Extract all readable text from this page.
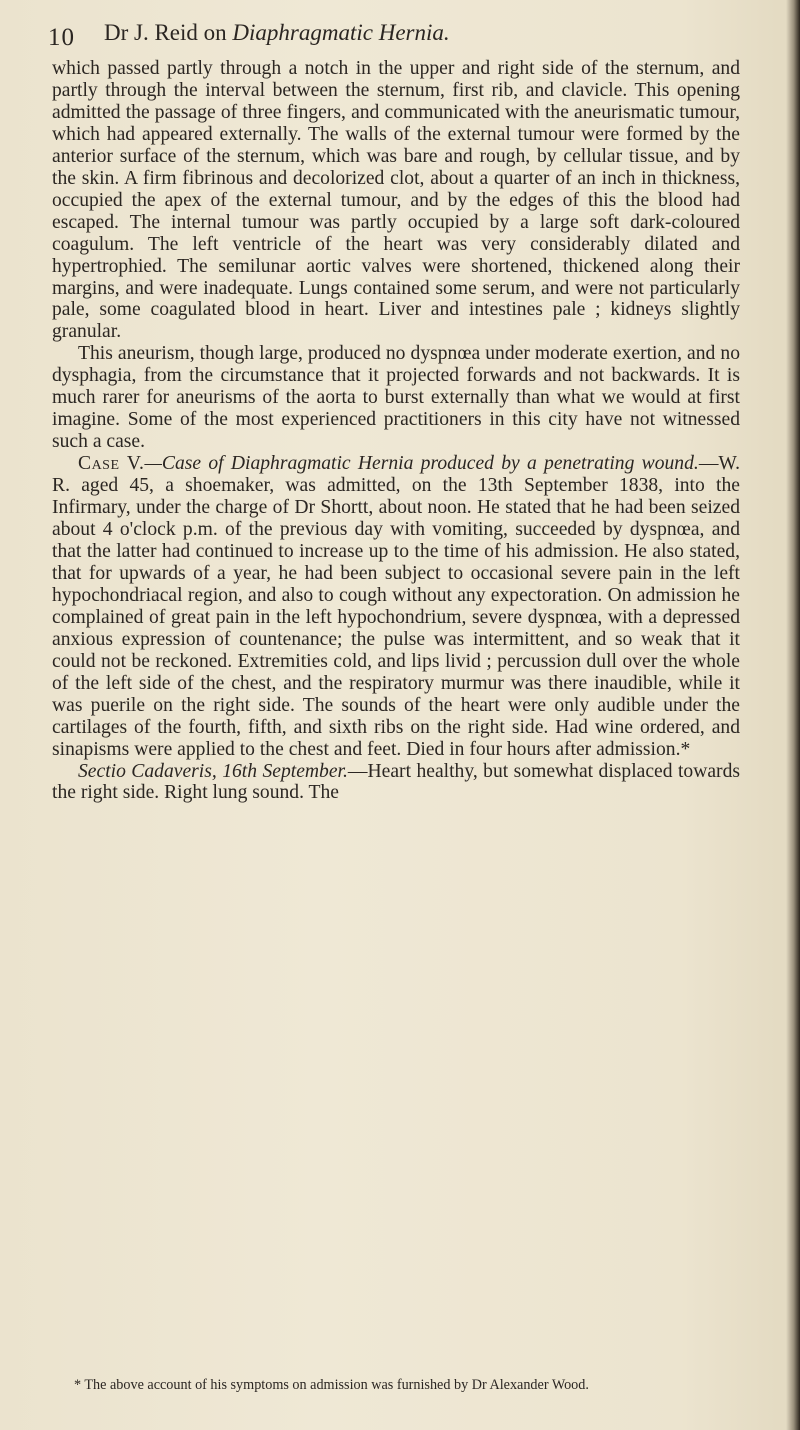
10 Dr J. Reid on Diaphragmatic Hernia.

which passed partly through a notch in the upper and right side of the sternum, and partly through the interval between the sternum, first rib, and clavicle. This opening admitted the passage of three fingers, and communicated with the aneurismatic tumour, which had appeared externally. The walls of the external tumour were formed by the anterior surface of the sternum, which was bare and rough, by cellular tissue, and by the skin. A firm fibrinous and decolorized clot, about a quarter of an inch in thickness, occupied the apex of the external tumour, and by the edges of this the blood had escaped. The internal tumour was partly occupied by a large soft dark-coloured coagulum. The left ventricle of the heart was very considerably dilated and hypertrophied. The semilunar aortic valves were shortened, thickened along their margins, and were inadequate. Lungs contained some serum, and were not particularly pale, some coagulated blood in heart. Liver and intestines pale ; kidneys slightly granular.

This aneurism, though large, produced no dyspnœa under moderate exertion, and no dysphagia, from the circumstance that it projected forwards and not backwards. It is much rarer for aneurisms of the aorta to burst externally than what we would at first imagine. Some of the most experienced practitioners in this city have not witnessed such a case.

Case V.—Case of Diaphragmatic Hernia produced by a penetrating wound.—W. R. aged 45, a shoemaker, was admitted, on the 13th September 1838, into the Infirmary, under the charge of Dr Shortt, about noon. He stated that he had been seized about 4 o'clock p.m. of the previous day with vomiting, succeeded by dyspnœa, and that the latter had continued to increase up to the time of his admission. He also stated, that for upwards of a year, he had been subject to occasional severe pain in the left hypochondriacal region, and also to cough without any expectoration. On admission he complained of great pain in the left hypochondrium, severe dyspnœa, with a depressed anxious expression of countenance; the pulse was intermittent, and so weak that it could not be reckoned. Extremities cold, and lips livid ; percussion dull over the whole of the left side of the chest, and the respiratory murmur was there inaudible, while it was puerile on the right side. The sounds of the heart were only audible under the cartilages of the fourth, fifth, and sixth ribs on the right side. Had wine ordered, and sinapisms were applied to the chest and feet. Died in four hours after admission.*

Sectio Cadaveris, 16th September.—Heart healthy, but somewhat displaced towards the right side. Right lung sound. The

* The above account of his symptoms on admission was furnished by Dr Alexander Wood.
